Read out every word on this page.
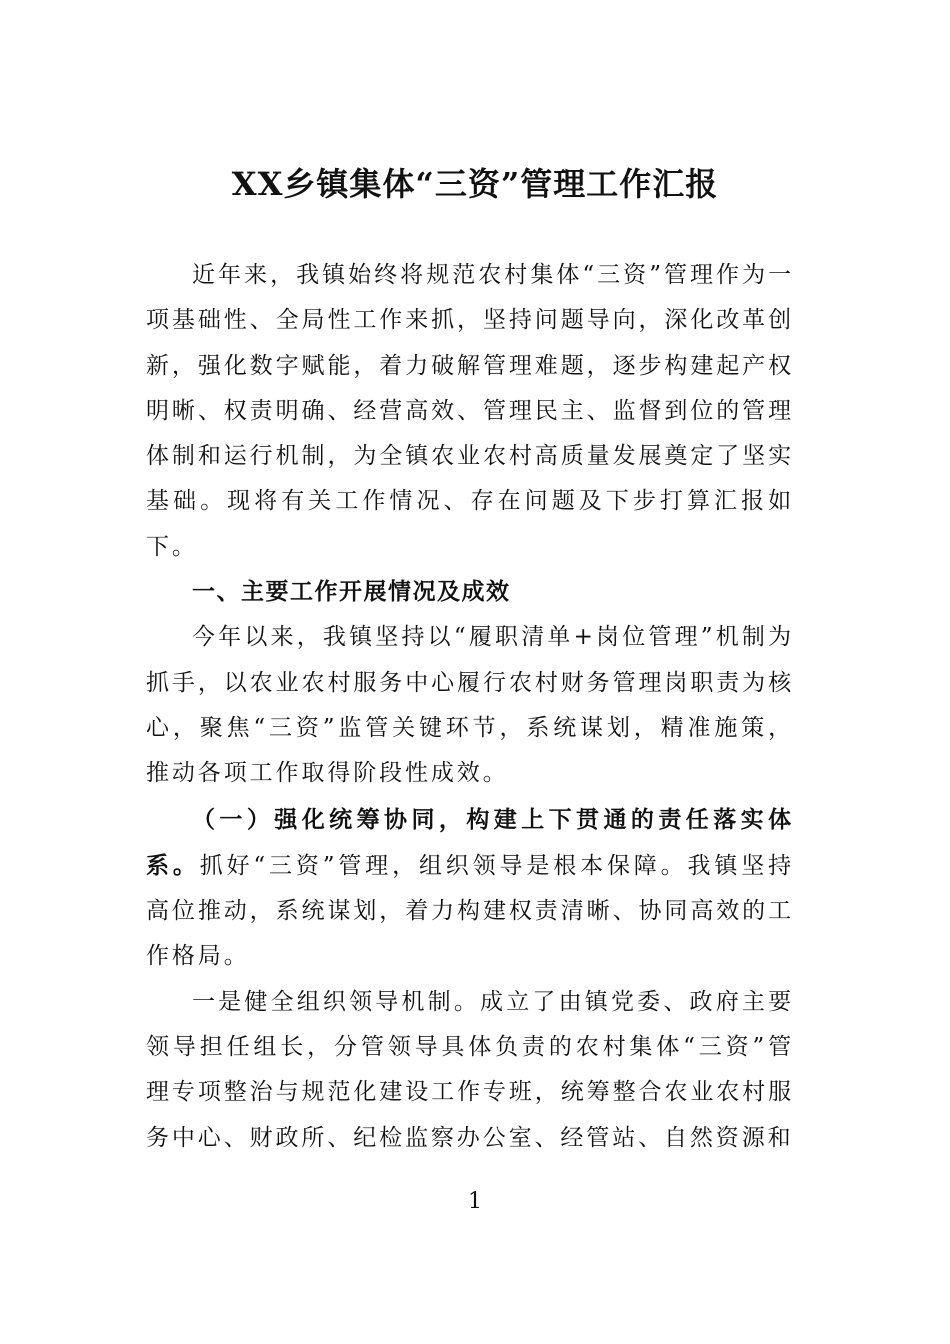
XX乡镇集体“三资”管理工作汇报

近年来，我镇始终将规范农村集体“三资”管理作为一项基础性、全局性工作来抓，坚持问题导向，深化改革创新，强化数字赋能，着力破解管理难题，逐步构建起产权明晰、权责明确、经营高效、管理民主、监督到位的管理体制和运行机制，为全镇农业农村高质量发展奠定了坚实基础。现将有关工作情况、存在问题及下步打算汇报如下。

一、主要工作开展情况及成效

今年以来，我镇坚持以“履职清单+岗位管理”机制为抓手，以农业农村服务中心履行农村财务管理岗职责为核心，聚焦“三资”监管关键环节，系统谋划，精准施策，推动各项工作取得阶段性成效。

（一）强化统筹协同，构建上下贯通的责任落实体系。抓好“三资”管理，组织领导是根本保障。我镇坚持高位推动，系统谋划，着力构建权责清晰、协同高效的工作格局。

一是健全组织领导机制。成立了由镇党委、政府主要领导担任组长，分管领导具体负责的农村集体“三资”管理专项整治与规范化建设工作专班，统筹整合农业农村服务中心、财政所、纪检监察办公室、经管站、自然资源和

1
